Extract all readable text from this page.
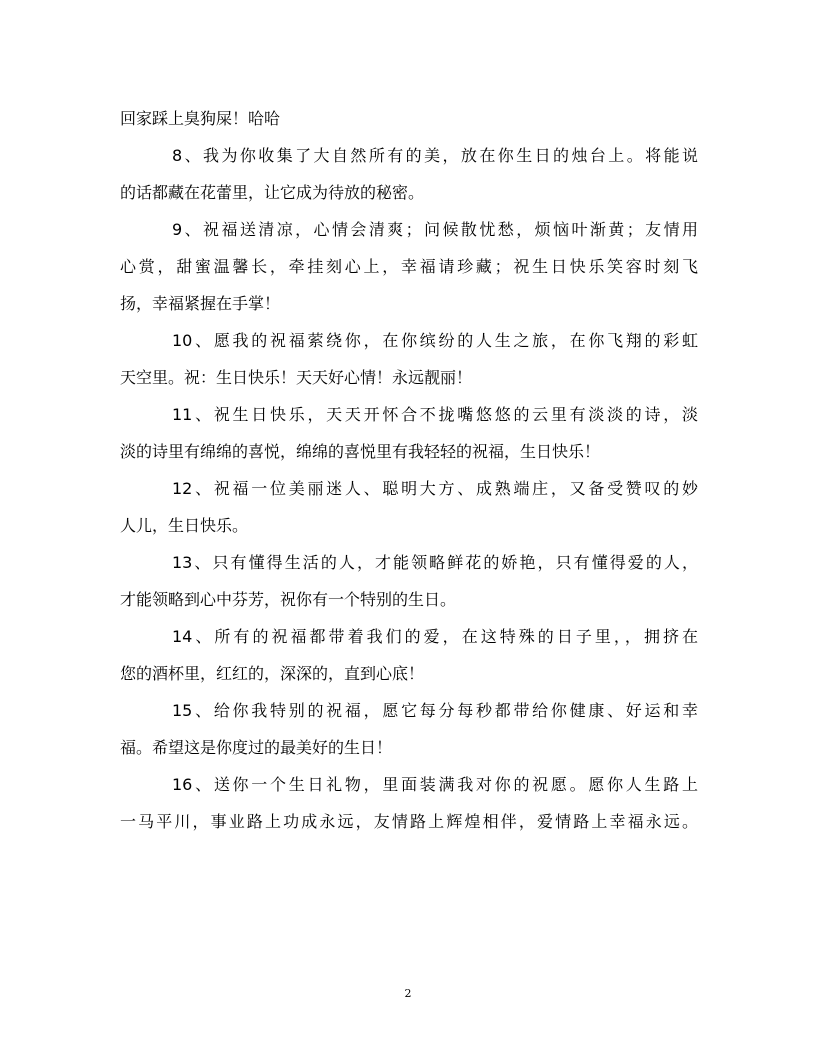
回家踩上臭狗屎！哈哈
8、我为你收集了大自然所有的美，放在你生日的烛台上。将能说
的话都藏在花蕾里，让它成为待放的秘密。
9、祝福送清凉，心情会清爽；问候散忧愁，烦恼叶渐黄；友情用
心赏，甜蜜温馨长，牵挂刻心上，幸福请珍藏；祝生日快乐笑容时刻飞
扬，幸福紧握在手掌！
10、愿我的祝福萦绕你，在你缤纷的人生之旅，在你飞翔的彩虹
天空里。祝：生日快乐！天天好心情！永远靓丽！
11、祝生日快乐，天天开怀合不拢嘴悠悠的云里有淡淡的诗，淡
淡的诗里有绵绵的喜悦，绵绵的喜悦里有我轻轻的祝福，生日快乐！
12、祝福一位美丽迷人、聪明大方、成熟端庄，又备受赞叹的妙
人儿，生日快乐。
13、只有懂得生活的人，才能领略鲜花的娇艳，只有懂得爱的人，
才能领略到心中芬芳，祝你有一个特别的生日。
14、所有的祝福都带着我们的爱，在这特殊的日子里，，拥挤在
您的酒杯里，红红的，深深的，直到心底！
15、给你我特别的祝福，愿它每分每秒都带给你健康、好运和幸
福。希望这是你度过的最美好的生日！
16、送你一个生日礼物，里面装满我对你的祝愿。愿你人生路上
一马平川，事业路上功成永远，友情路上辉煌相伴，爱情路上幸福永远。
2
